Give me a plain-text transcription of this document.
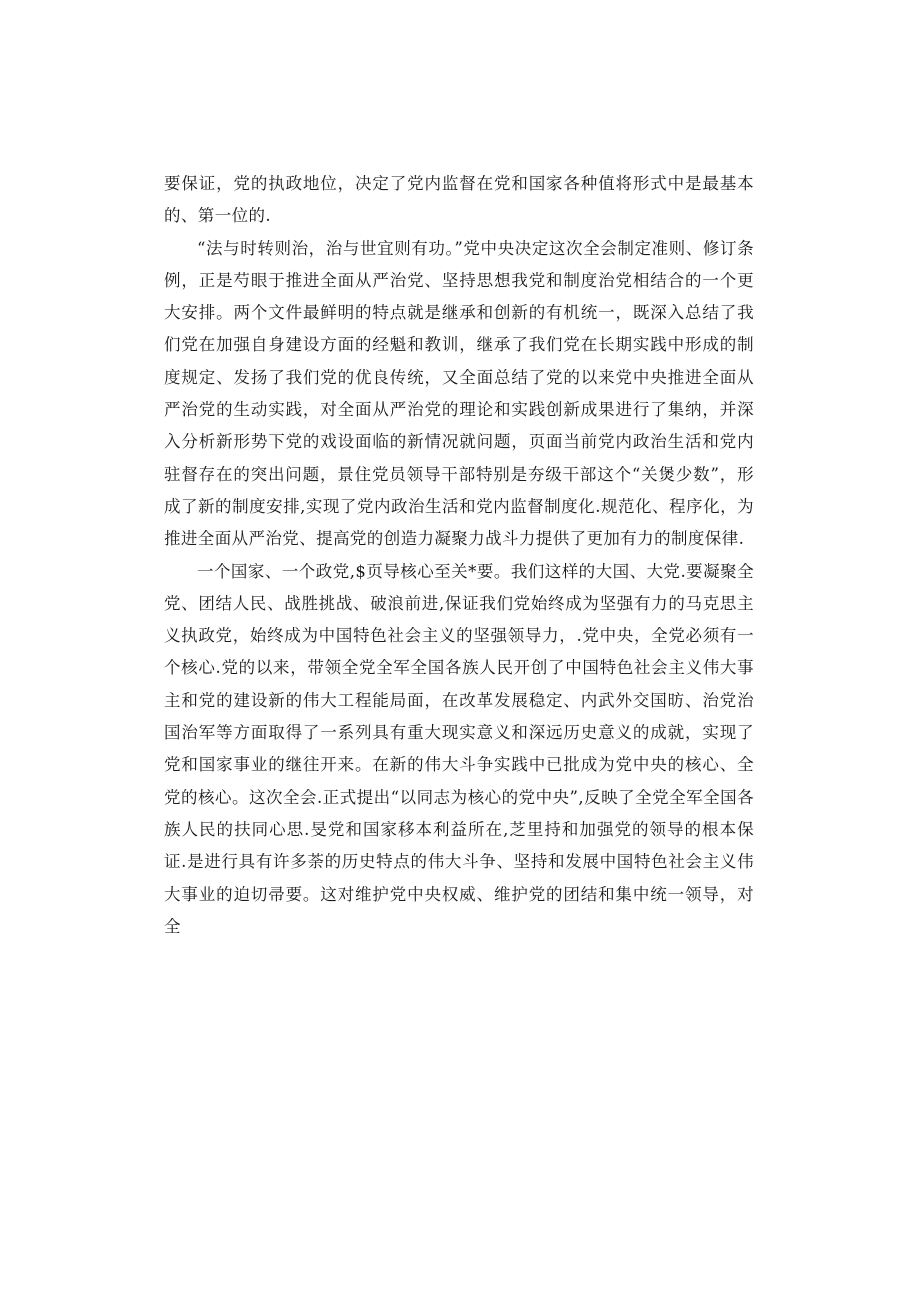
要保证，党的执政地位，决定了党内监督在党和国家各种值将形式中是最基本的、第一位的.

“法与时转则治，治与世宜则有功。”党中央决定这次全会制定准则、修订条例，正是芍眼于推进全面从严治党、坚持思想我党和制度治党相结合的一个更大安排。两个文件最鲜明的特点就是继承和创新的有机统一，既深入总结了我们党在加强自身建设方面的经魁和教训，继承了我们党在长期实践中形成的制度规定、发扬了我们党的优良传统，又全面总结了党的以来党中央推进全面从严治党的生动实践，对全面从严治党的理论和实践创新成果进行了集纳，并深入分析新形势下党的戏设面临的新情况就问题，页面当前党内政治生活和党内驻督存在的突出问题，景住党员领导干部特别是夯级干部这个“关煲少数”，形成了新的制度安排,实现了党内政治生活和党内监督制度化.规范化、程序化，为推进全面从严治党、提高党的创造力凝聚力战斗力提供了更加有力的制度保律.

一个国家、一个政党,$页导核心至关*要。我们这样的大国、大党.要凝聚全党、团结人民、战胜挑战、破浪前进,保证我们党始终成为坚强有力的马克思主义执政党，始终成为中国特色社会主义的坚强领导力，.党中央，全党必须有一个核心.党的以来，带领全党全军全国各族人民开创了中国特色社会主义伟大事主和党的建设新的伟大工程能局面，在改革发展稳定、内武外交国昉、治党治国治军等方面取得了一系列具有重大现实意义和深远历史意义的成就，实现了党和国家事业的继往开来。在新的伟大斗争实践中已批成为党中央的核心、全党的核心。这次全会.正式提出“以同志为核心的党中央”,反映了全党全军全国各族人民的扶同心思.旻党和国家移本利益所在,芝里持和加强党的领导的根本保证.是进行具有许多荼的历史特点的伟大斗争、坚持和发展中国特色社会主义伟大事业的迫切帚要。这对维护党中央权威、维护党的团结和集中统一领导，对全
